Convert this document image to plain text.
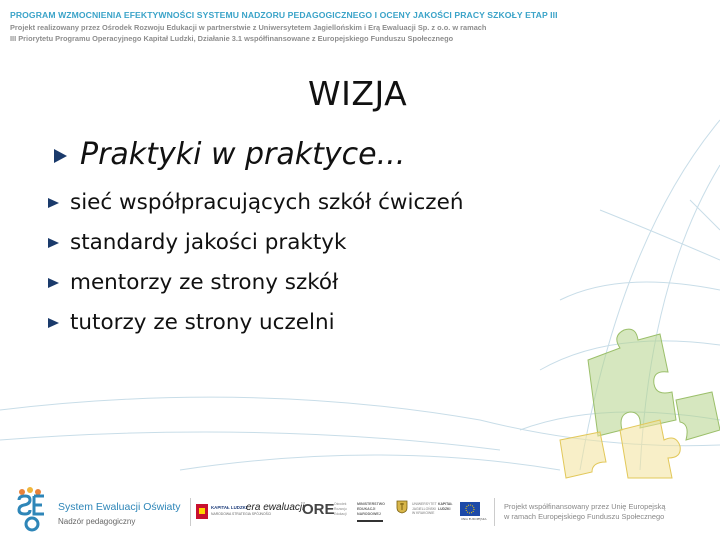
PROGRAM WZMOCNIENIA EFEKTYWNOŚCI SYSTEMU NADZORU PEDAGOGICZNEGO I OCENY JAKOŚCI PRACY SZKOŁY ETAP III
Projekt realizowany przez Ośrodek Rozwoju Edukacji w partnerstwie z Uniwersytetem Jagiellońskim i Erą Ewaluacji Sp. z o.o. w ramach
III Priorytetu Programu Operacyjnego Kapitał Ludzki, Działanie 3.1 współfinansowane z Europejskiego Funduszu Społecznego
WIZJA
Praktyki w praktyce...
sieć współpracujących szkół ćwiczeń
standardy jakości praktyk
mentorzy ze strony szkół
tutorzy ze strony uczelni
System Ewaluacji Oświaty
Nadzór pedagogiczny
KAPITAŁ LUDZKI
NARODOWA STRATEGIA SPÓJNOŚCI
era ewaluacji
ORE Ośrodek
Rozwoju
Edukacji
MINISTERSTWO
EDUKACJI
NARODOWEJ
UNIWERSYTET
JAGIELLOŃSKI
W KRAKOWIE
KAPITAŁ
LUDZKI
UNIA EUROPEJSKA
Projekt współfinansowany przez Unię Europejską
w ramach Europejskiego Funduszu Społecznego
